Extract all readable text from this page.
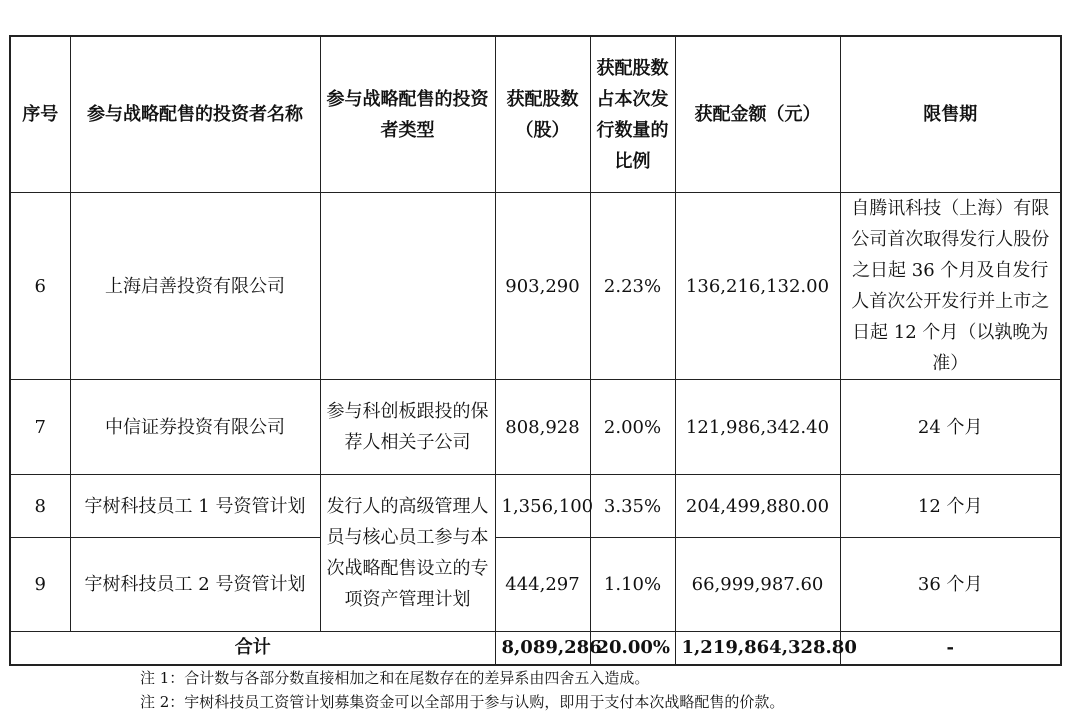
序号	参与战略配售的投资者名称	参与战略配售的投资者类型	获配股数（股）	获配股数占本次发行数量的比例	获配金额（元）	限售期
6	上海启善投资有限公司		903,290	2.23%	136,216,132.00	自腾讯科技（上海）有限公司首次取得发行人股份之日起 36 个月及自发行人首次公开发行并上市之日起 12 个月（以孰晚为准）
7	中信证券投资有限公司	参与科创板跟投的保荐人相关子公司	808,928	2.00%	121,986,342.40	24 个月
8	宇树科技员工 1 号资管计划	发行人的高级管理人员与核心员工参与本次战略配售设立的专项资产管理计划	1,356,100	3.35%	204,499,880.00	12 个月
9	宇树科技员工 2 号资管计划		444,297	1.10%	66,999,987.60	36 个月
合计			8,089,286	20.00%	1,219,864,328.80	-
注 1：合计数与各部分数直接相加之和在尾数存在的差异系由四舍五入造成。
注 2：宇树科技员工资管计划募集资金可以全部用于参与认购，即用于支付本次战略配售的价款。
